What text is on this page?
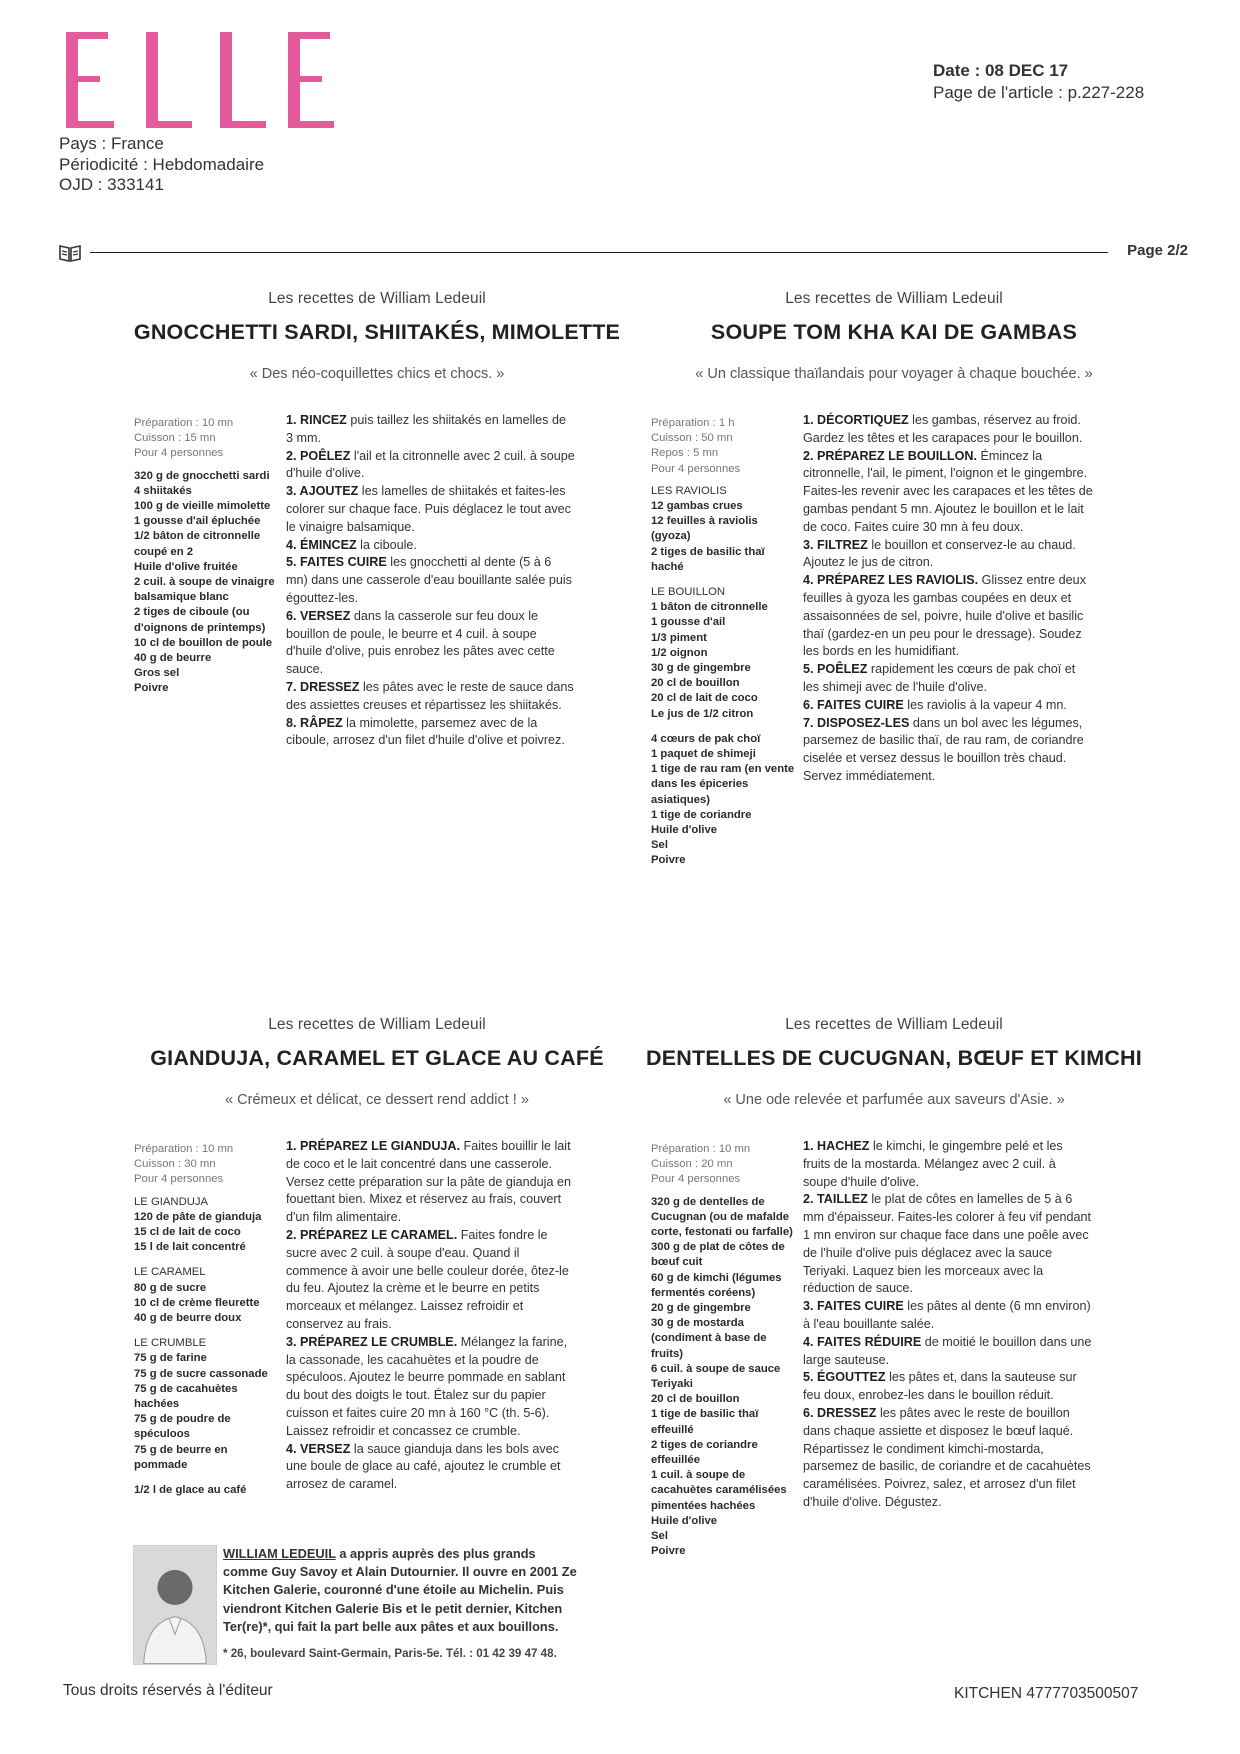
Pays : France
Périodicité : Hebdomadaire
OJD : 333141
Date : 08 DEC 17
Page de l'article : p.227-228
Page 2/2
Les recettes de William Ledeuil
GNOCCHETTI SARDI, SHIITAKÉS, MIMOLETTE
« Des néo-coquillettes chics et chocs. »
Préparation : 10 mn
Cuisson : 15 mn
Pour 4 personnes
320 g de gnocchetti sardi
4 shiitakés
100 g de vieille mimolette
1 gousse d'ail épluchée
1/2 bâton de citronnelle coupé en 2
Huile d'olive fruitée
2 cuil. à soupe de vinaigre balsamique blanc
2 tiges de ciboule (ou d'oignons de printemps)
10 cl de bouillon de poule
40 g de beurre
Gros sel
Poivre

1. RINCEZ puis taillez les shiitakés en lamelles de 3 mm.

2. POÊLEZ l'ail et la citronnelle avec 2 cuil. à soupe d'huile d'olive.

3. AJOUTEZ les lamelles de shiitakés et faites-les colorer sur chaque face. Puis déglacez le tout avec le vinaigre balsamique.

4. ÉMINCEZ la ciboule.

5. FAITES CUIRE les gnocchetti al dente (5 à 6 mn) dans une casserole d'eau bouillante salée puis égouttez-les.

6. VERSEZ dans la casserole sur feu doux le bouillon de poule, le beurre et 4 cuil. à soupe d'huile d'olive, puis enrobez les pâtes avec cette sauce.

7. DRESSEZ les pâtes avec le reste de sauce dans des assiettes creuses et répartissez les shiitakés.

8. RÂPEZ la mimolette, parsemez avec de la ciboule, arrosez d'un filet d'huile d'olive et poivrez.

Les recettes de William Ledeuil
SOUPE TOM KHA KAI DE GAMBAS
« Un classique thaïlandais pour voyager à chaque bouchée. »
Préparation : 1 h
Cuisson : 50 mn
Repos : 5 mn
Pour 4 personnes
LES RAVIOLIS
12 gambas crues
12 feuilles à raviolis (gyoza)
2 tiges de basilic thaï haché
LE BOUILLON
1 bâton de citronnelle
1 gousse d'ail
1/3 piment
1/2 oignon
30 g de gingembre
20 cl de bouillon
20 cl de lait de coco
Le jus de 1/2 citron
4 cœurs de pak choï
1 paquet de shimeji
1 tige de rau ram (en vente dans les épiceries asiatiques)
1 tige de coriandre
Huile d'olive
Sel
Poivre

1. DÉCORTIQUEZ les gambas, réservez au froid. Gardez les têtes et les carapaces pour le bouillon.

2. PRÉPAREZ LE BOUILLON. Émincez la citronnelle, l'ail, le piment, l'oignon et le gingembre. Faites-les revenir avec les carapaces et les têtes de gambas pendant 5 mn. Ajoutez le bouillon et le lait de coco. Faites cuire 30 mn à feu doux.

3. FILTREZ le bouillon et conservez-le au chaud. Ajoutez le jus de citron.

4. PRÉPAREZ LES RAVIOLIS. Glissez entre deux feuilles à gyoza les gambas coupées en deux et assaisonnées de sel, poivre, huile d'olive et basilic thaï (gardez-en un peu pour le dressage). Soudez les bords en les humidifiant.

5. POÊLEZ rapidement les cœurs de pak choï et les shimeji avec de l'huile d'olive.

6. FAITES CUIRE les raviolis à la vapeur 4 mn.

7. DISPOSEZ-LES dans un bol avec les légumes, parsemez de basilic thaï, de rau ram, de coriandre ciselée et versez dessus le bouillon très chaud. Servez immédiatement.

Les recettes de William Ledeuil
GIANDUJA, CARAMEL ET GLACE AU CAFÉ
« Crémeux et délicat, ce dessert rend addict ! »
Préparation : 10 mn
Cuisson : 30 mn
Pour 4 personnes
LE GIANDUJA
120 de pâte de gianduja
15 cl de lait de coco
15 l de lait concentré
LE CARAMEL
80 g de sucre
10 cl de crème fleurette
40 g de beurre doux
LE CRUMBLE
75 g de farine
75 g de sucre cassonade
75 g de cacahuètes hachées
75 g de poudre de spéculoos
75 g de beurre en pommade
1/2 l de glace au café

1. PRÉPAREZ LE GIANDUJA. Faites bouillir le lait de coco et le lait concentré dans une casserole. Versez cette préparation sur la pâte de gianduja en fouettant bien. Mixez et réservez au frais, couvert d'un film alimentaire.

2. PRÉPAREZ LE CARAMEL. Faites fondre le sucre avec 2 cuil. à soupe d'eau. Quand il commence à avoir une belle couleur dorée, ôtez-le du feu. Ajoutez la crème et le beurre en petits morceaux et mélangez. Laissez refroidir et conservez au frais.

3. PRÉPAREZ LE CRUMBLE. Mélangez la farine, la cassonade, les cacahuètes et la poudre de spéculoos. Ajoutez le beurre pommade en sablant du bout des doigts le tout. Étalez sur du papier cuisson et faites cuire 20 mn à 160 °C (th. 5-6). Laissez refroidir et concassez ce crumble.

4. VERSEZ la sauce gianduja dans les bols avec une boule de glace au café, ajoutez le crumble et arrosez de caramel.

Les recettes de William Ledeuil
DENTELLES DE CUCUGNAN, BŒUF ET KIMCHI
« Une ode relevée et parfumée aux saveurs d'Asie. »
Préparation : 10 mn
Cuisson : 20 mn
Pour 4 personnes
320 g de dentelles de Cucugnan (ou de mafalde corte, festonati ou farfalle)
300 g de plat de côtes de bœuf cuit
60 g de kimchi (légumes fermentés coréens)
20 g de gingembre
30 g de mostarda (condiment à base de fruits)
6 cuil. à soupe de sauce Teriyaki
20 cl de bouillon
1 tige de basilic thaï effeuillé
2 tiges de coriandre effeuillée
1 cuil. à soupe de cacahuètes caramélisées pimentées hachées
Huile d'olive
Sel
Poivre

1. HACHEZ le kimchi, le gingembre pelé et les fruits de la mostarda. Mélangez avec 2 cuil. à soupe d'huile d'olive.

2. TAILLEZ le plat de côtes en lamelles de 5 à 6 mm d'épaisseur. Faites-les colorer à feu vif pendant 1 mn environ sur chaque face dans une poêle avec de l'huile d'olive puis déglacez avec la sauce Teriyaki. Laquez bien les morceaux avec la réduction de sauce.

3. FAITES CUIRE les pâtes al dente (6 mn environ) à l'eau bouillante salée.

4. FAITES RÉDUIRE de moitié le bouillon dans une large sauteuse.

5. ÉGOUTTEZ les pâtes et, dans la sauteuse sur feu doux, enrobez-les dans le bouillon réduit.

6. DRESSEZ les pâtes avec le reste de bouillon dans chaque assiette et disposez le bœuf laqué. Répartissez le condiment kimchi-mostarda, parsemez de basilic, de coriandre et de cacahuètes caramélisées. Poivrez, salez, et arrosez d'un filet d'huile d'olive. Dégustez.

WILLIAM LEDEUIL a appris auprès des plus grands comme Guy Savoy et Alain Dutournier. Il ouvre en 2001 Ze Kitchen Galerie, couronné d'une étoile au Michelin. Puis viendront Kitchen Galerie Bis et le petit dernier, Kitchen Ter(re)*, qui fait la part belle aux pâtes et aux bouillons.
* 26, boulevard Saint-Germain, Paris-5e. Tél. : 01 42 39 47 48.
Tous droits réservés à l'éditeur	KITCHEN 4777703500507
